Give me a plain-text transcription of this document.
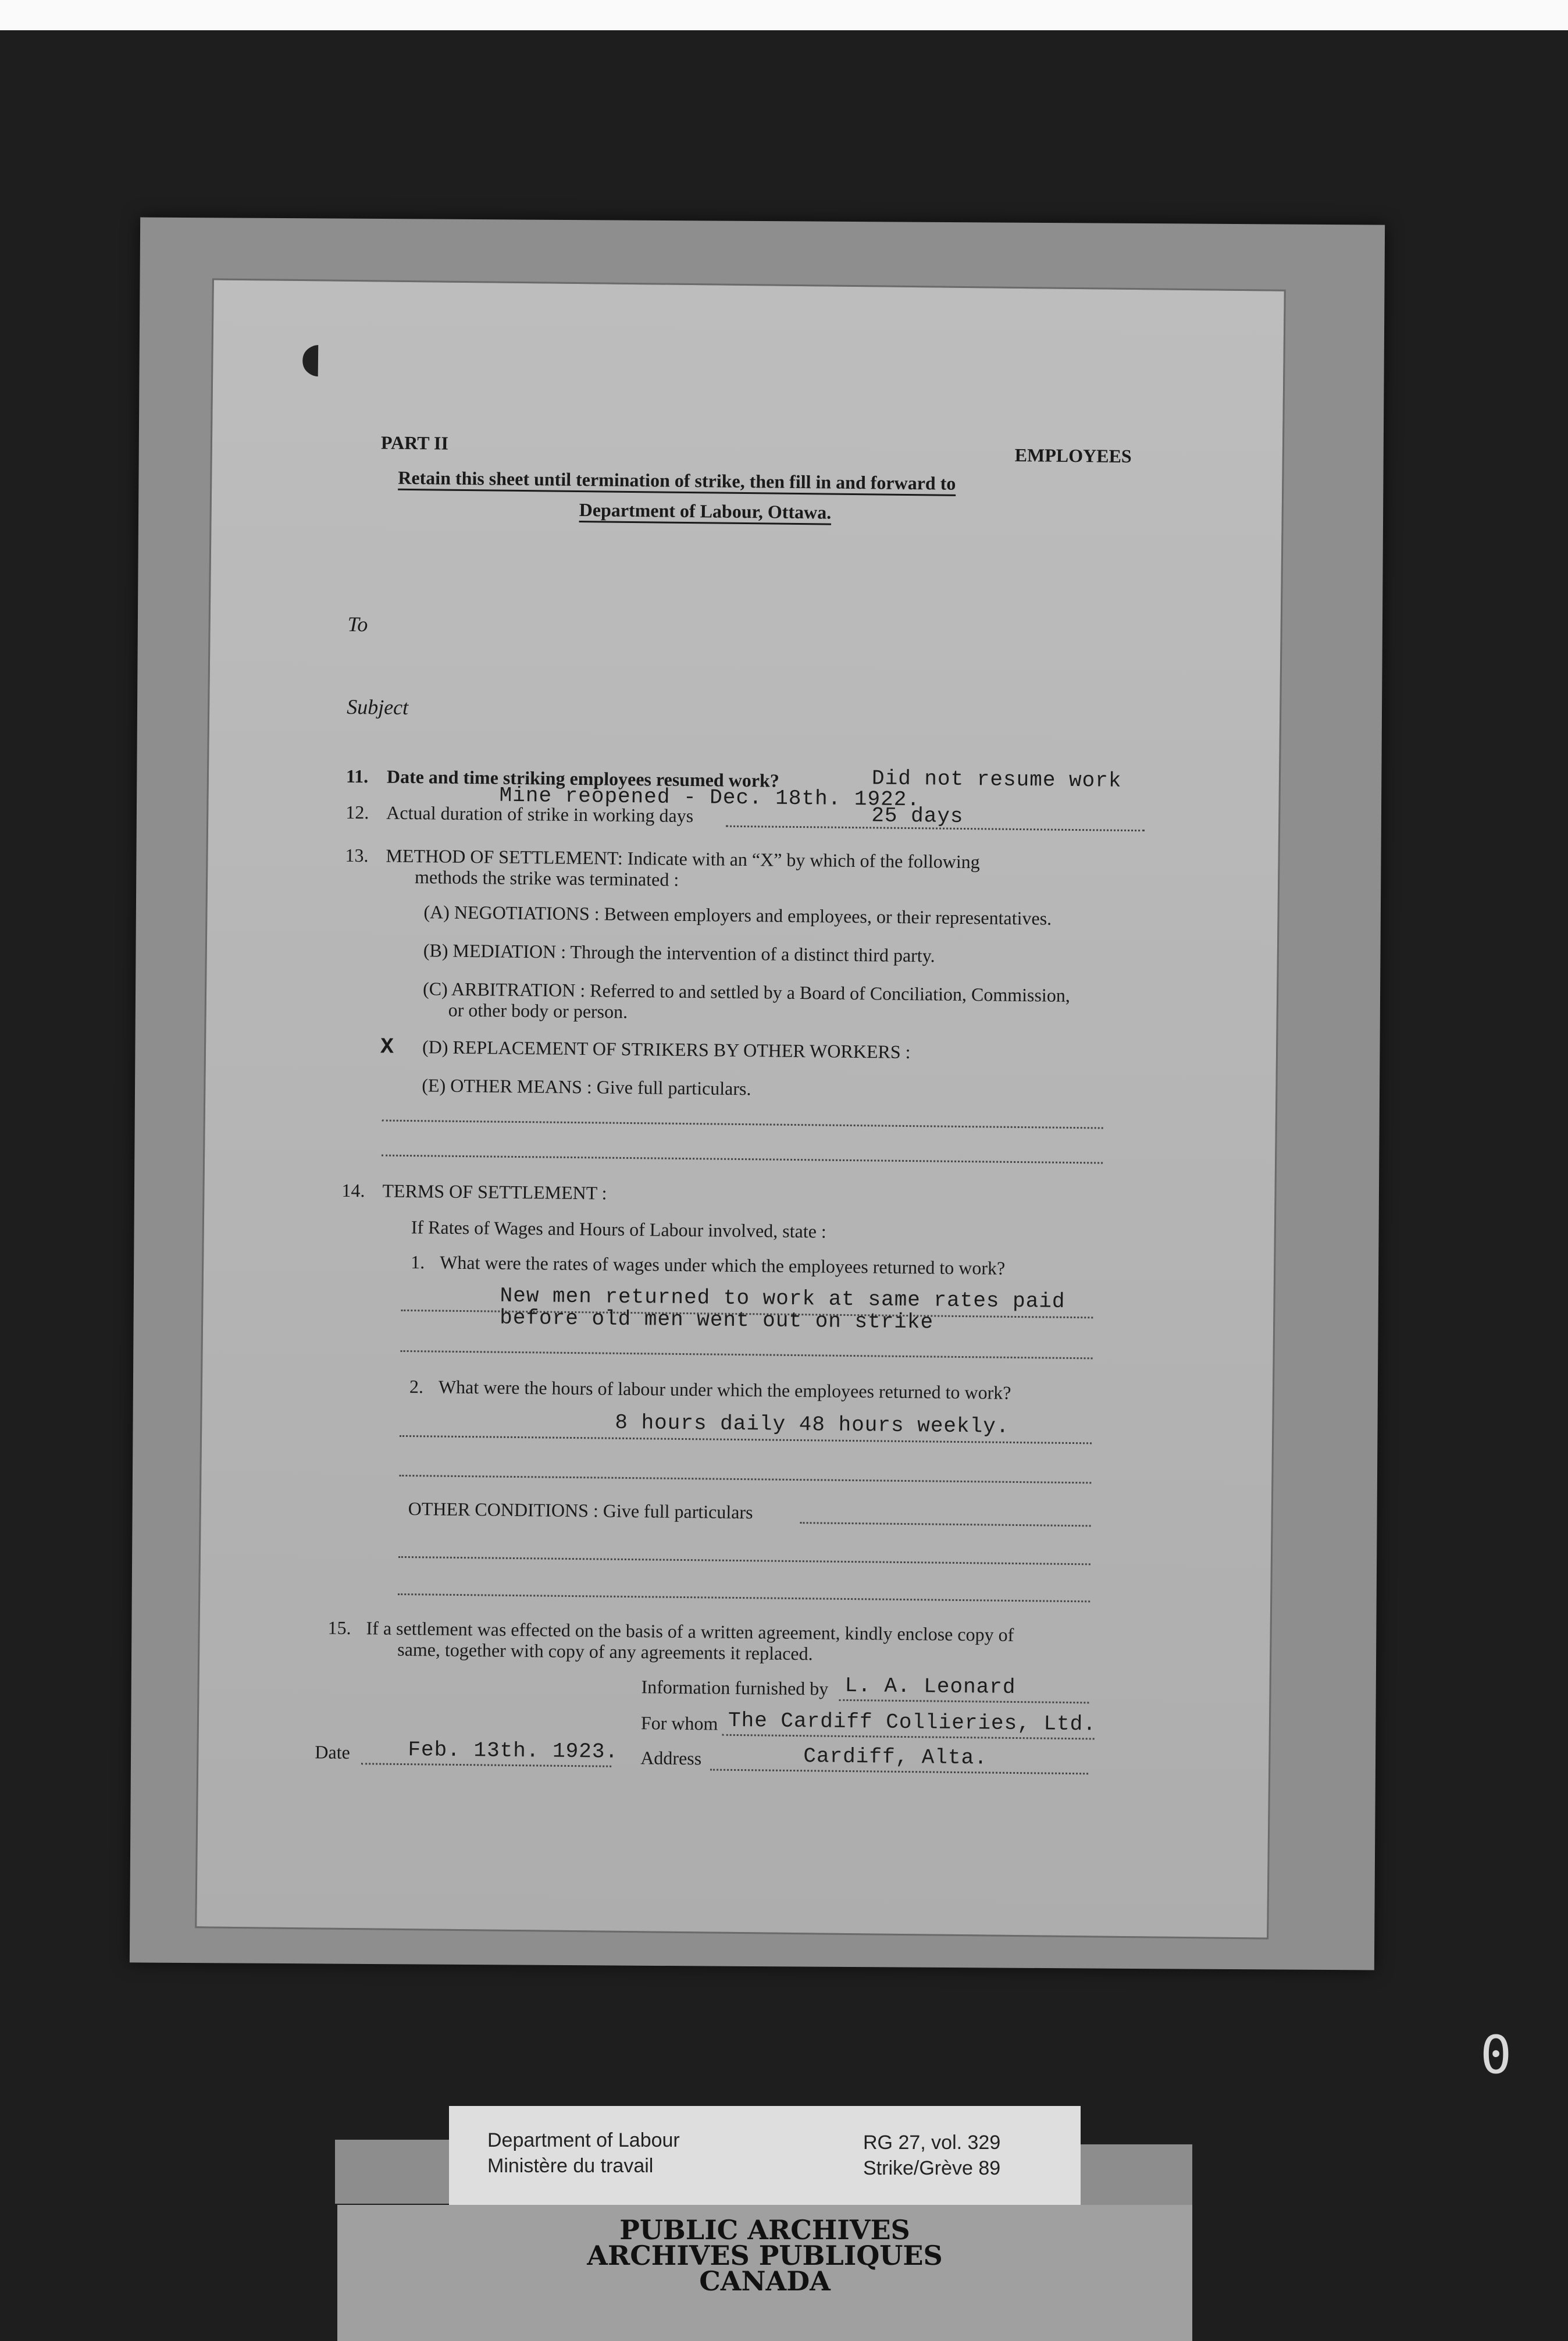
PART II
EMPLOYEES
Retain this sheet until termination of strike, then fill in and forward to
Department of Labour, Ottawa.
To
Subject
11. Date and time striking employees resumed work?	Did not resume work
Mine reopened - Dec. 18th. 1922.
12. Actual duration of strike in working days	25 days
13. METHOD OF SETTLEMENT: Indicate with an “X” by which of the following
methods the strike was terminated :
(A) NEGOTIATIONS : Between employers and employees, or their representatives.
(B) MEDIATION : Through the intervention of a distinct third party.
(C) ARBITRATION : Referred to and settled by a Board of Conciliation, Commission,
or other body or person.
X (D) REPLACEMENT OF STRIKERS BY OTHER WORKERS :
(E) OTHER MEANS : Give full particulars.
14. TERMS OF SETTLEMENT :
If Rates of Wages and Hours of Labour involved, state :
1. What were the rates of wages under which the employees returned to work?
New men returned to work at same rates paid
before old men went out on strike
2. What were the hours of labour under which the employees returned to work?
8 hours daily 48 hours weekly.
OTHER CONDITIONS : Give full particulars
15. If a settlement was effected on the basis of a written agreement, kindly enclose copy of
same, together with copy of any agreements it replaced.
Information furnished by L. A. Leonard
For whom The Cardiff Collieries, Ltd.
Date	Feb. 13th. 1923. Address	Cardiff, Alta.
◖
Department of Labour
Ministère du travail
RG 27, vol. 329
Strike/Grève 89
PUBLIC ARCHIVES
ARCHIVES PUBLIQUES
CANADA
0
